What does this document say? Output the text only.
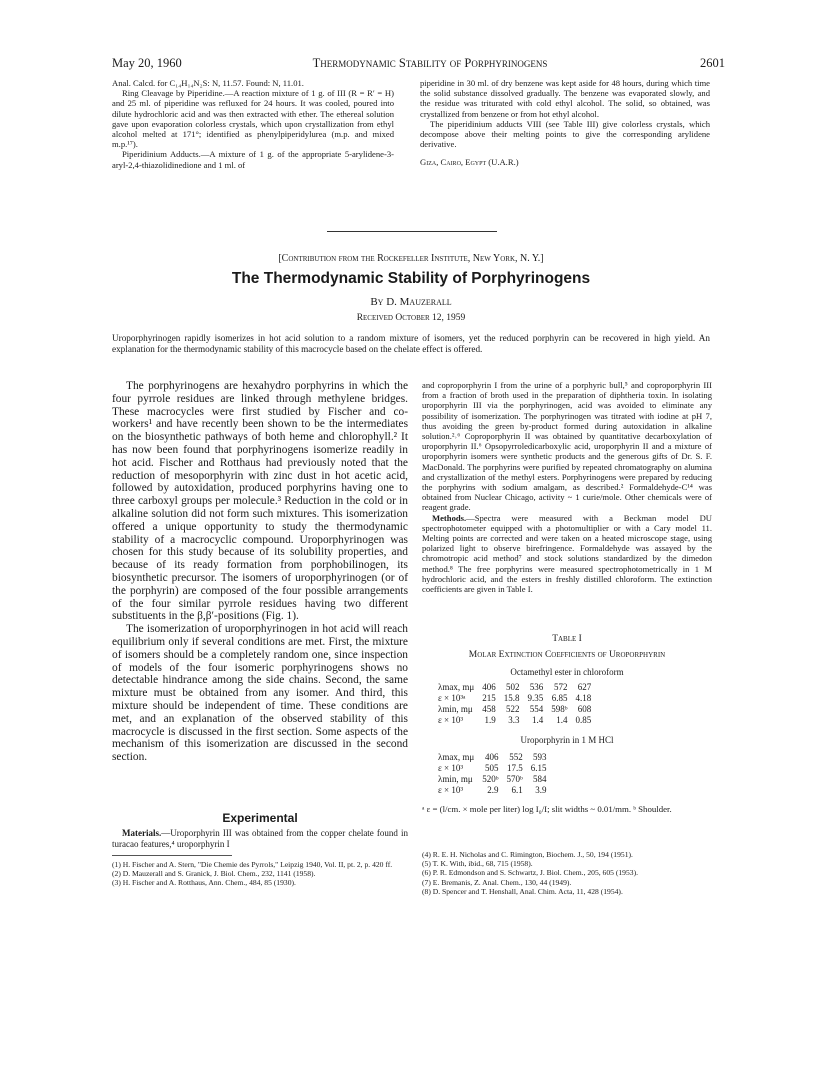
May 20, 1960	Thermodynamic Stability of Porphyrinogens	2601

Anal. Calcd. for C₁₄H₁₄N₂S: N, 11.57. Found: N, 11.01.

Ring Cleavage by Piperidine.—A reaction mixture of 1 g. of III (R = R′ = H) and 25 ml. of piperidine was refluxed for 24 hours. It was cooled, poured into dilute hydrochloric acid and was then extracted with ether. The ethereal solution gave upon evaporation colorless crystals, which upon crystallization from ethyl alcohol melted at 171°; identified as phenylpiperidylurea (m.p. and mixed m.p.¹⁷).

Piperidinium Adducts.—A mixture of 1 g. of the appropriate 5-arylidene-3-aryl-2,4-thiazolidinedione and 1 ml. of

piperidine in 30 ml. of dry benzene was kept aside for 48 hours, during which time the solid substance dissolved gradually. The benzene was evaporated slowly, and the residue was triturated with cold ethyl alcohol. The solid, so obtained, was crystallized from benzene or from hot ethyl alcohol.

The piperidinium adducts VIII (see Table III) give colorless crystals, which decompose above their melting points to give the corresponding arylidene derivative.

Giza, Cairo, Egypt (U.A.R.)

[Contribution from the Rockefeller Institute, New York, N. Y.]
The Thermodynamic Stability of Porphyrinogens
By D. Mauzerall
Received October 12, 1959

Uroporphyrinogen rapidly isomerizes in hot acid solution to a random mixture of isomers, yet the reduced porphyrin can be recovered in high yield. An explanation for the thermodynamic stability of this macrocycle based on the chelate effect is offered.

The porphyrinogens are hexahydro porphyrins in which the four pyrrole residues are linked through methylene bridges. These macrocycles were first studied by Fischer and co-workers¹ and have recently been shown to be the intermediates on the biosynthetic pathways of both heme and chlorophyll.² It has now been found that porphyrinogens isomerize readily in hot acid. Fischer and Rotthaus had previously noted that the reduction of mesoporphyrin with zinc dust in hot acetic acid, followed by autoxidation, produced porphyrins having one to three carboxyl groups per molecule.³ Reduction in the cold or in alkaline solution did not form such mixtures. This isomerization offered a unique opportunity to study the thermodynamic stability of a macrocyclic compound. Uroporphyrinogen was chosen for this study because of its solubility properties, and because of its ready formation from porphobilinogen, its biosynthetic precursor. The isomers of uroporphyrinogen (or of the porphyrin) are composed of the four possible arrangements of the four similar pyrrole residues having two different substituents in the β,β′-positions (Fig. 1).

The isomerization of uroporphyrinogen in hot acid will reach equilibrium only if several conditions are met. First, the mixture of isomers should be a completely random one, since inspection of models of the four isomeric porphyrinogens shows no detectable hindrance among the side chains. Second, the same mixture must be obtained from any isomer. And third, this mixture should be independent of time. These conditions are met, and an explanation of the observed stability of this macrocycle is discussed in the first section. Some aspects of the mechanism of this isomerization are discussed in the second section.

Experimental

Materials.—Uroporphyrin III was obtained from the copper chelate found in turacao features,⁴ uroporphyrin I

(1) H. Fischer and A. Stern, "Die Chemie des Pyrrols," Leipzig 1940, Vol. II, pt. 2, p. 420 ff.
(2) D. Mauzerall and S. Granick, J. Biol. Chem., 232, 1141 (1958).
(3) H. Fischer and A. Rotthaus, Ann. Chem., 484, 85 (1930).

and coproporphyrin I from the urine of a porphyric bull,⁵ and coproporphyrin III from a fraction of broth used in the preparation of diphtheria toxin. In isolating uroporphyrin III via the porphyrinogen, acid was avoided to eliminate any possibility of isomerization. The porphyrinogen was titrated with iodine at pH 7, thus avoiding the green by-product formed during autoxidation in alkaline solution.²˒⁶ Coproporphyrin II was obtained by quantitative decarboxylation of uroporphyrin II.⁶ Opsopyrroledicarboxylic acid, uroporphyrin II and a mixture of uroporphyrin isomers were synthetic products and the generous gifts of Dr. S. F. MacDonald. The porphyrins were purified by repeated chromatography on alumina and crystallization of the methyl esters. Porphyrinogens were prepared by reducing the porphyrins with sodium amalgam, as described.² Formaldehyde-C¹⁴ was obtained from Nuclear Chicago, activity ~ 1 curie/mole. Other chemicals were of reagent grade.

Methods.—Spectra were measured with a Beckman model DU spectrophotometer equipped with a photomultiplier or with a Cary model 11. Melting points are corrected and were taken on a heated microscope stage, using polarized light to observe birefringence. Formaldehyde was assayed by the chromotropic acid method⁷ and stock solutions standardized by the dimedon method.⁸ The free porphyrins were measured spectrophotometrically in 1 M hydrochloric acid, and the esters in freshly distilled chloroform. The extinction coefficients are given in Table I.

Table I
Molar Extinction Coefficients of Uroporphyrin
Octamethyl ester in chloroform
λmax, mμ	406	502	536	572	627
ε × 10³ᵃ	215	15.8	9.35	6.85	4.18
λmin, mμ	458	522	554	598ᵇ	608
ε × 10³	1.9	3.3	1.4	1.4	0.85
Uroporphyrin in 1 M HCl
λmax, mμ	406	552	593
ε × 10³	505	17.5	6.15
λmin, mμ	520ᵇ	570ᵇ	584
ε × 10³	2.9	6.1	3.9

ᵃ ε = (l/cm. × mole per liter) log I₀/I; slit widths ~ 0.01/mm. ᵇ Shoulder.

(4) R. E. H. Nicholas and C. Rimington, Biochem. J., 50, 194 (1951).
(5) T. K. With, ibid., 68, 715 (1958).
(6) P. R. Edmondson and S. Schwartz, J. Biol. Chem., 205, 605 (1953).
(7) E. Bremanis, Z. Anal. Chem., 130, 44 (1949).
(8) D. Spencer and T. Henshall, Anal. Chim. Acta, 11, 428 (1954).
